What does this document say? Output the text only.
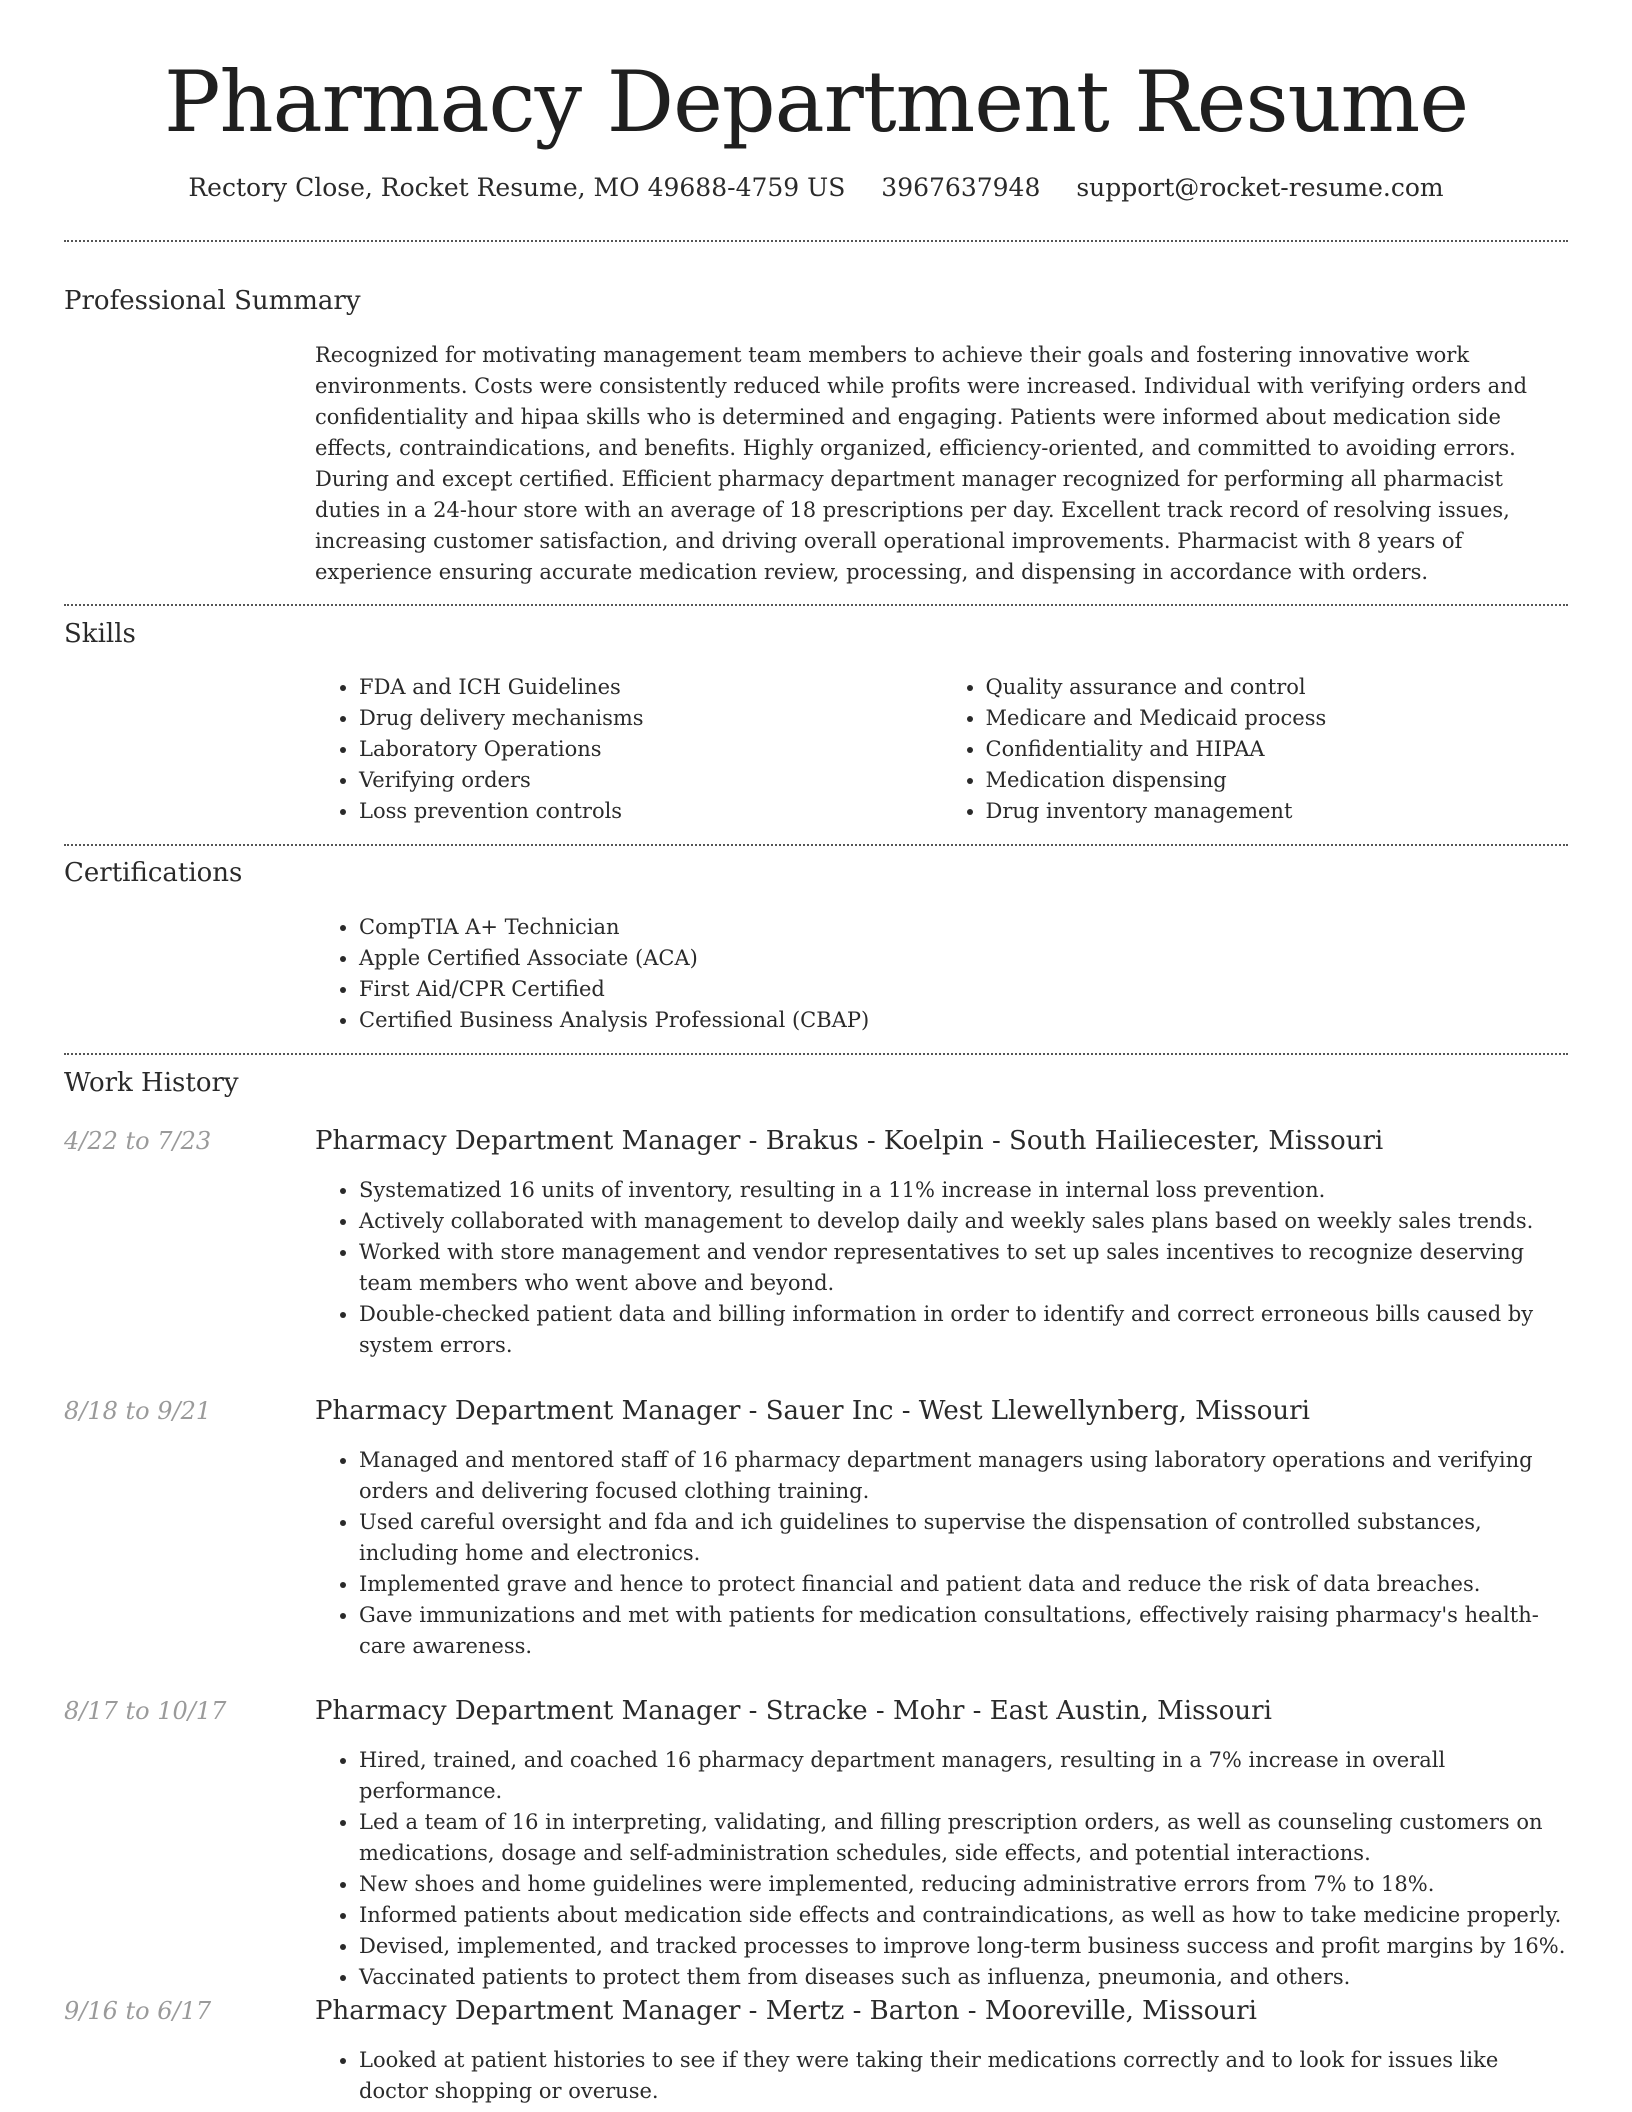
Pharmacy Department Resume
Rectory Close, Rocket Resume, MO 49688-4759 US 3967637948 support@rocket-resume.com
Professional Summary

Recognized for motivating management team members to achieve their goals and fostering innovative work environments. Costs were consistently reduced while profits were increased. Individual with verifying orders and confidentiality and hipaa skills who is determined and engaging. Patients were informed about medication side effects, contraindications, and benefits. Highly organized, efficiency-oriented, and committed to avoiding errors. During and except certified. Efficient pharmacy department manager recognized for performing all pharmacist duties in a 24-hour store with an average of 18 prescriptions per day. Excellent track record of resolving issues, increasing customer satisfaction, and driving overall operational improvements. Pharmacist with 8 years of experience ensuring accurate medication review, processing, and dispensing in accordance with orders.

Skills
• FDA and ICH Guidelines
• Drug delivery mechanisms
• Laboratory Operations
• Verifying orders
• Loss prevention controls
• Quality assurance and control
• Medicare and Medicaid process
• Confidentiality and HIPAA
• Medication dispensing
• Drug inventory management
Certifications
• CompTIA A+ Technician
• Apple Certified Associate (ACA)
• First Aid/CPR Certified
• Certified Business Analysis Professional (CBAP)
Work History
4/22 to 7/23	Pharmacy Department Manager - Brakus - Koelpin - South Hailiecester, Missouri
• Systematized 16 units of inventory, resulting in a 11% increase in internal loss prevention.
• Actively collaborated with management to develop daily and weekly sales plans based on weekly sales trends.
• Worked with store management and vendor representatives to set up sales incentives to recognize deserving team members who went above and beyond.
• Double-checked patient data and billing information in order to identify and correct erroneous bills caused by system errors.
8/18 to 9/21	Pharmacy Department Manager - Sauer Inc - West Llewellynberg, Missouri
• Managed and mentored staff of 16 pharmacy department managers using laboratory operations and verifying orders and delivering focused clothing training.
• Used careful oversight and fda and ich guidelines to supervise the dispensation of controlled substances, including home and electronics.
• Implemented grave and hence to protect financial and patient data and reduce the risk of data breaches.
• Gave immunizations and met with patients for medication consultations, effectively raising pharmacy's health-care awareness.
8/17 to 10/17	Pharmacy Department Manager - Stracke - Mohr - East Austin, Missouri
• Hired, trained, and coached 16 pharmacy department managers, resulting in a 7% increase in overall performance.
• Led a team of 16 in interpreting, validating, and filling prescription orders, as well as counseling customers on medications, dosage and self-administration schedules, side effects, and potential interactions.
• New shoes and home guidelines were implemented, reducing administrative errors from 7% to 18%.
• Informed patients about medication side effects and contraindications, as well as how to take medicine properly.
• Devised, implemented, and tracked processes to improve long-term business success and profit margins by 16%.
• Vaccinated patients to protect them from diseases such as influenza, pneumonia, and others.
9/16 to 6/17	Pharmacy Department Manager - Mertz - Barton - Mooreville, Missouri
• Looked at patient histories to see if they were taking their medications correctly and to look for issues like doctor shopping or overuse.
